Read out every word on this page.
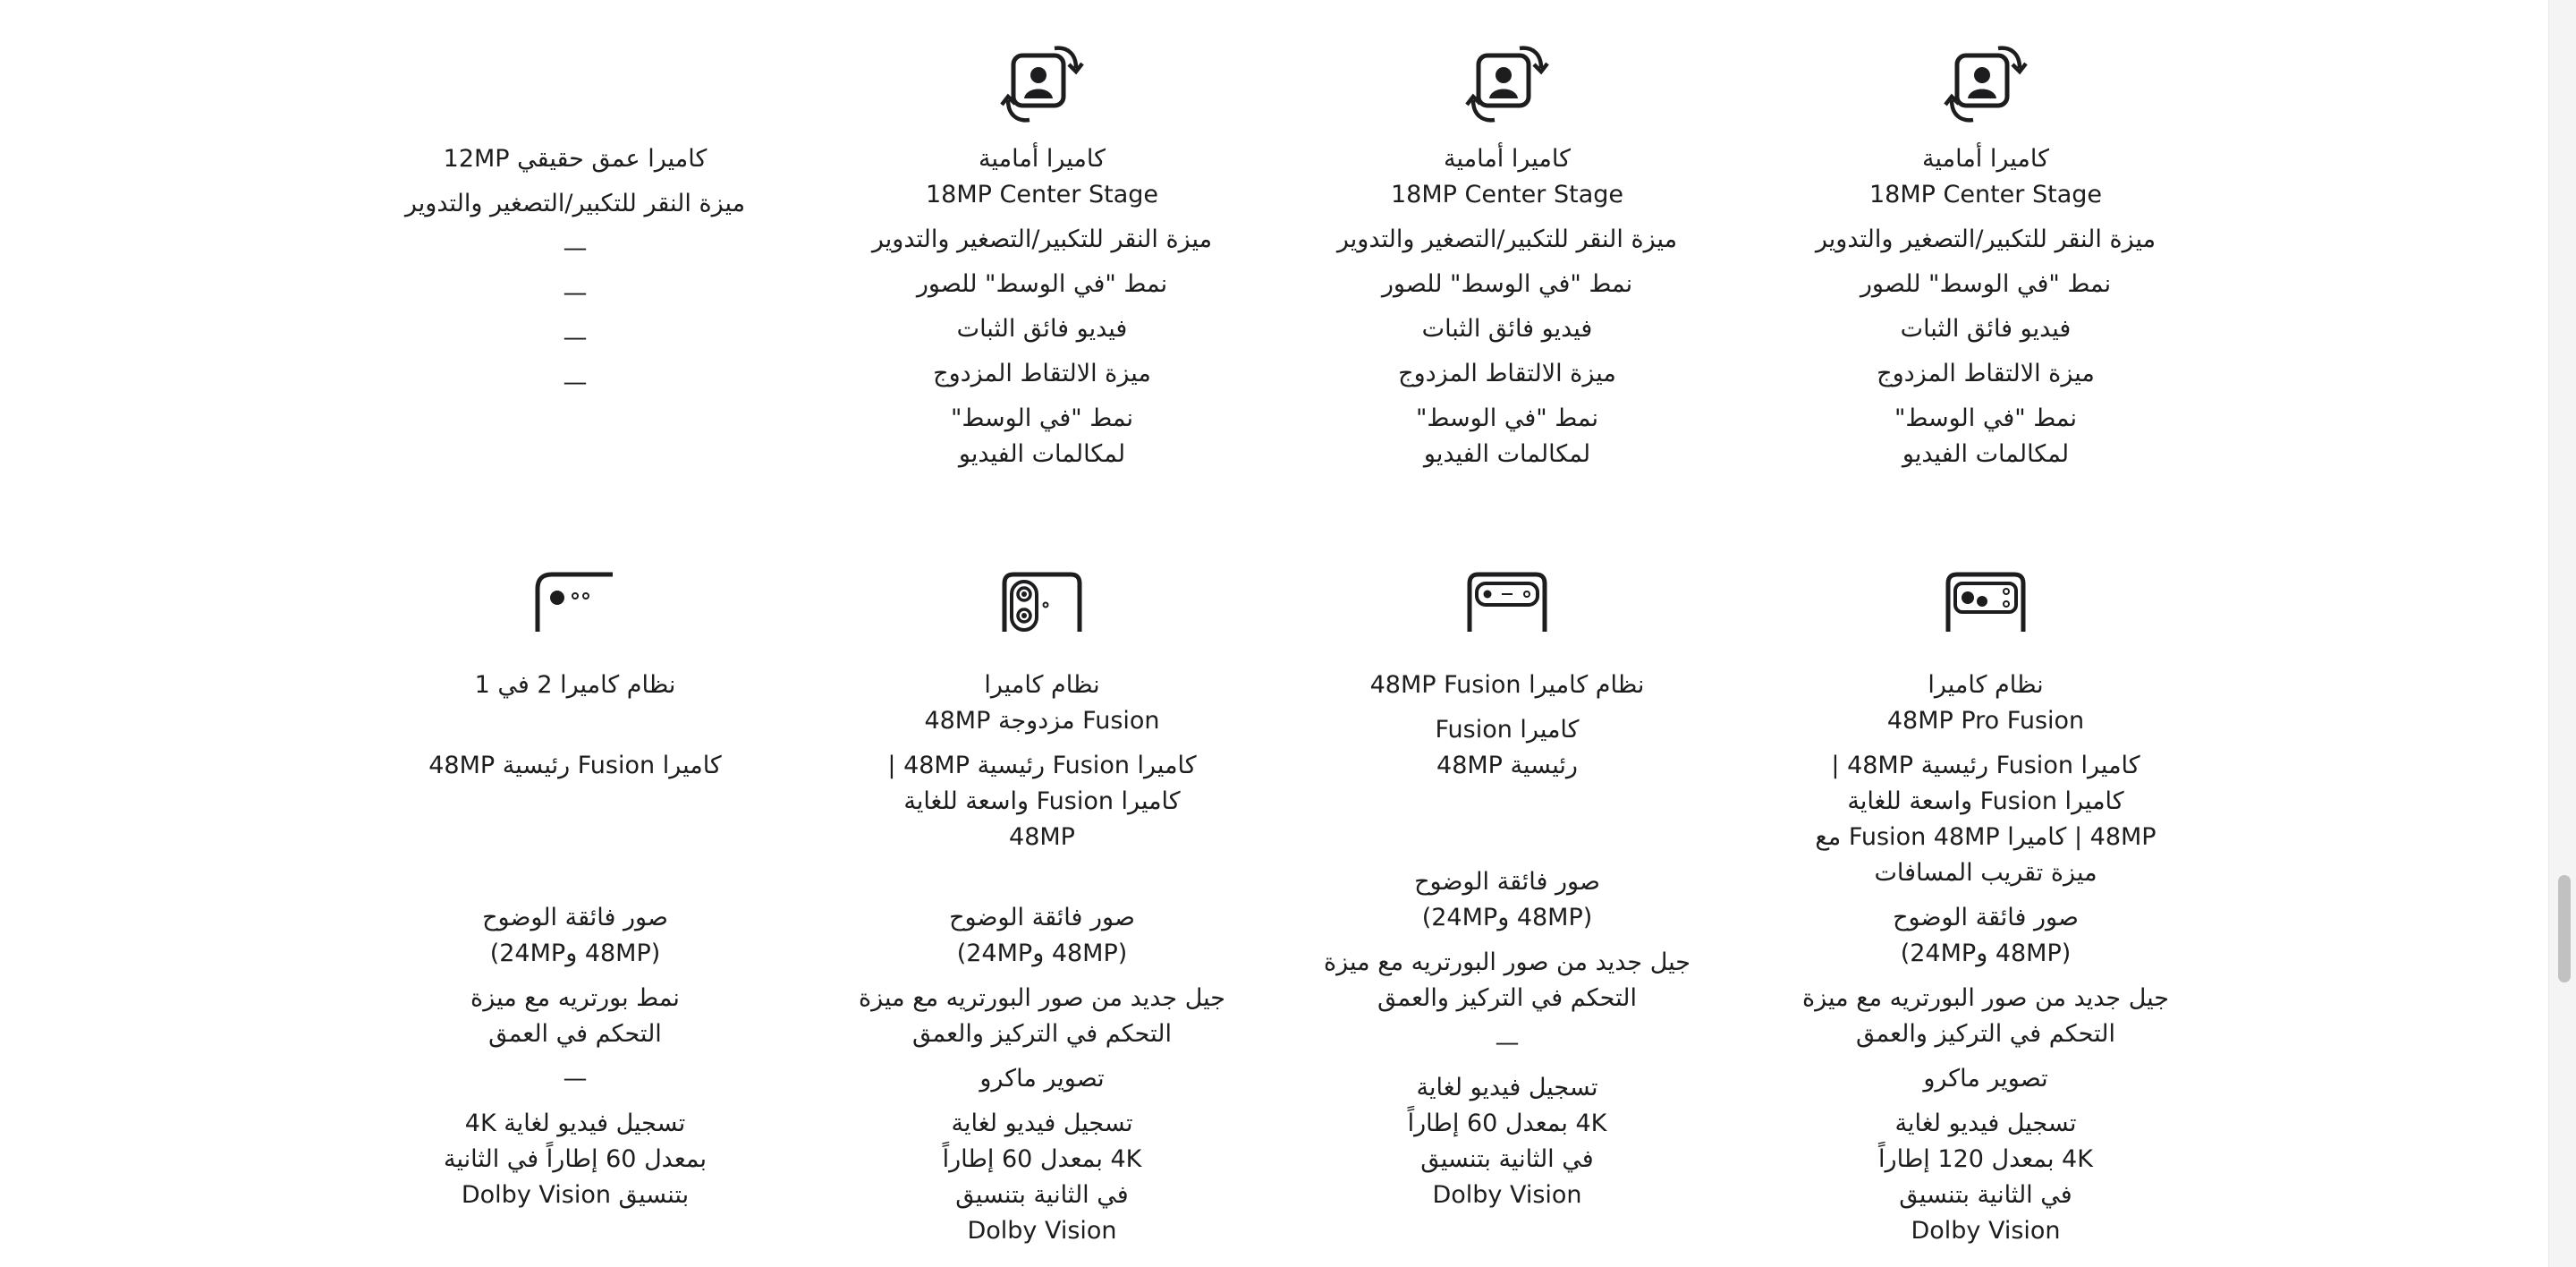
كاميرا أمامية

18MP Center Stage

ميزة النقر للتكبير/التصغير والتدوير

نمط "في الوسط" للصور

فيديو فائق الثبات

ميزة الالتقاط المزدوج

نمط "في الوسط"

لمكالمات الفيديو

كاميرا أمامية

18MP Center Stage

ميزة النقر للتكبير/التصغير والتدوير

نمط "في الوسط" للصور

فيديو فائق الثبات

ميزة الالتقاط المزدوج

نمط "في الوسط"

لمكالمات الفيديو

كاميرا أمامية

18MP Center Stage

ميزة النقر للتكبير/التصغير والتدوير

نمط "في الوسط" للصور

فيديو فائق الثبات

ميزة الالتقاط المزدوج

نمط "في الوسط"

لمكالمات الفيديو

كاميرا عمق حقيقي 12MP

ميزة النقر للتكبير/التصغير والتدوير

—

—

—

—

نظام كاميرا

48MP Pro Fusion

كاميرا Fusion رئيسية 48MP |

كاميرا Fusion واسعة للغاية

48MP | كاميرا Fusion 48MP مع

ميزة تقريب المسافات

صور فائقة الوضوح

(48MP و24MP)

جيل جديد من صور البورتريه مع ميزة

التحكم في التركيز والعمق

تصوير ماكرو

تسجيل فيديو لغاية

4K بمعدل 120 إطاراً

في الثانية بتنسيق

Dolby Vision

نظام كاميرا 48MP Fusion

كاميرا Fusion

رئيسية 48MP

صور فائقة الوضوح

(48MP و24MP)

جيل جديد من صور البورتريه مع ميزة

التحكم في التركيز والعمق

—

تسجيل فيديو لغاية

4K بمعدل 60 إطاراً

في الثانية بتنسيق

Dolby Vision

نظام كاميرا

Fusion مزدوجة 48MP

كاميرا Fusion رئيسية 48MP |

كاميرا Fusion واسعة للغاية

48MP

صور فائقة الوضوح

(48MP و24MP)

جيل جديد من صور البورتريه مع ميزة

التحكم في التركيز والعمق

تصوير ماكرو

تسجيل فيديو لغاية

4K بمعدل 60 إطاراً

في الثانية بتنسيق

Dolby Vision

نظام كاميرا 2 في 1

كاميرا Fusion رئيسية 48MP

صور فائقة الوضوح

(48MP و24MP)

نمط بورتريه مع ميزة

التحكم في العمق

—

تسجيل فيديو لغاية 4K

بمعدل 60 إطاراً في الثانية

بتنسيق Dolby Vision
